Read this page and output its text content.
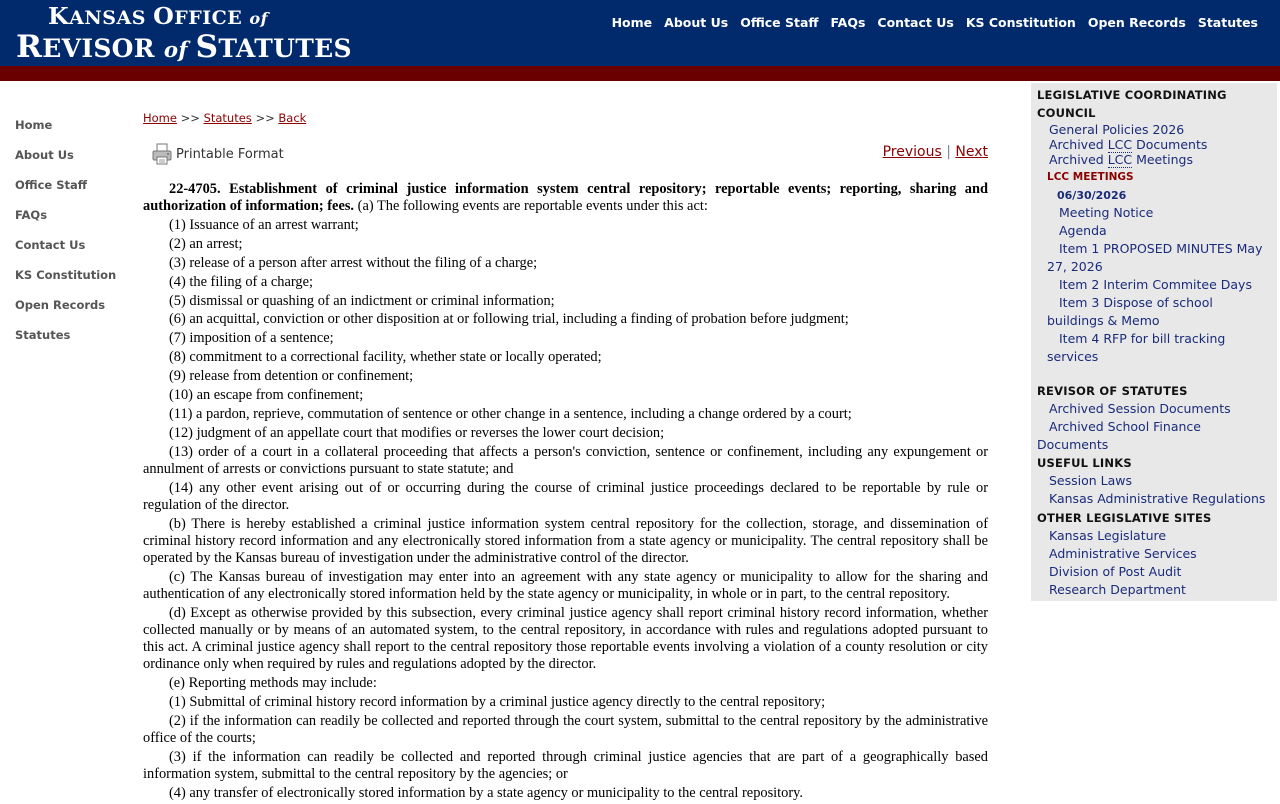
KANSAS OFFICE of
REVISOR of STATUTES
Home About Us Office Staff FAQs Contact Us KS Constitution Open Records Statutes
Home
About Us
Office Staff
FAQs
Contact Us
KS Constitution
Open Records
Statutes
Home >> Statutes >> Back
Printable Format	Previous | Next

22-4705. Establishment of criminal justice information system central repository; reportable events; reporting, sharing and authorization of information; fees. (a) The following events are reportable events under this act:

(1) Issuance of an arrest warrant;

(2) an arrest;

(3) release of a person after arrest without the filing of a charge;

(4) the filing of a charge;

(5) dismissal or quashing of an indictment or criminal information;

(6) an acquittal, conviction or other disposition at or following trial, including a finding of probation before judgment;

(7) imposition of a sentence;

(8) commitment to a correctional facility, whether state or locally operated;

(9) release from detention or confinement;

(10) an escape from confinement;

(11) a pardon, reprieve, commutation of sentence or other change in a sentence, including a change ordered by a court;

(12) judgment of an appellate court that modifies or reverses the lower court decision;

(13) order of a court in a collateral proceeding that affects a person's conviction, sentence or confinement, including any expungement or annulment of arrests or convictions pursuant to state statute; and

(14) any other event arising out of or occurring during the course of criminal justice proceedings declared to be reportable by rule or regulation of the director.

(b) There is hereby established a criminal justice information system central repository for the collection, storage, and dissemination of criminal history record information and any electronically stored information from a state agency or municipality. The central repository shall be operated by the Kansas bureau of investigation under the administrative control of the director.

(c) The Kansas bureau of investigation may enter into an agreement with any state agency or municipality to allow for the sharing and authentication of any electronically stored information held by the state agency or municipality, in whole or in part, to the central repository.

(d) Except as otherwise provided by this subsection, every criminal justice agency shall report criminal history record information, whether collected manually or by means of an automated system, to the central repository, in accordance with rules and regulations adopted pursuant to this act. A criminal justice agency shall report to the central repository those reportable events involving a violation of a county resolution or city ordinance only when required by rules and regulations adopted by the director.

(e) Reporting methods may include:

(1) Submittal of criminal history record information by a criminal justice agency directly to the central repository;

(2) if the information can readily be collected and reported through the court system, submittal to the central repository by the administrative office of the courts;

(3) if the information can readily be collected and reported through criminal justice agencies that are part of a geographically based information system, submittal to the central repository by the agencies; or

(4) any transfer of electronically stored information by a state agency or municipality to the central repository.

LEGISLATIVE COORDINATING
COUNCIL
General Policies 2026
Archived LCC Documents
Archived LCC Meetings
LCC MEETINGS
06/30/2026
Meeting Notice
Agenda
Item 1 PROPOSED MINUTES May
27, 2026
Item 2 Interim Commitee Days
Item 3 Dispose of school
buildings & Memo
Item 4 RFP for bill tracking
services
REVISOR OF STATUTES
Archived Session Documents
Archived School Finance
Documents
USEFUL LINKS
Session Laws
Kansas Administrative Regulations
OTHER LEGISLATIVE SITES
Kansas Legislature
Administrative Services
Division of Post Audit
Research Department
